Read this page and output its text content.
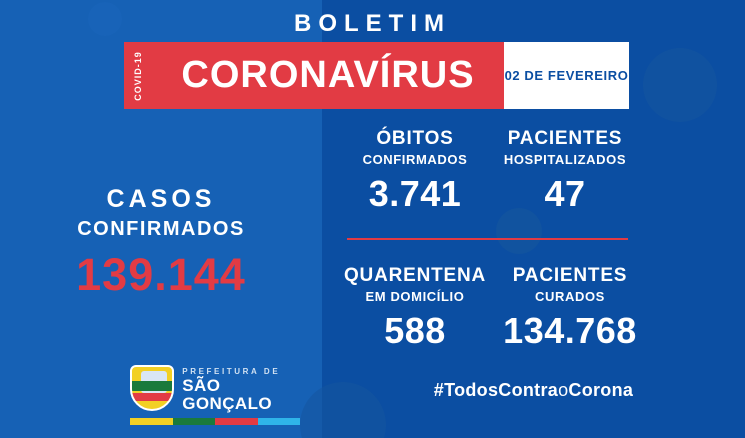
BOLETIM
COVID-19	CORONAVÍRUS	02 DE FEVEREIRO
CASOS
CONFIRMADOS
139.144
ÓBITOS
CONFIRMADOS
3.741
PACIENTES
HOSPITALIZADOS
47
QUARENTENA
EM DOMICÍLIO
588
PACIENTES
CURADOS
134.768
#TodosContraoCorona
PREFEITURA DE
SÃO GONÇALO
